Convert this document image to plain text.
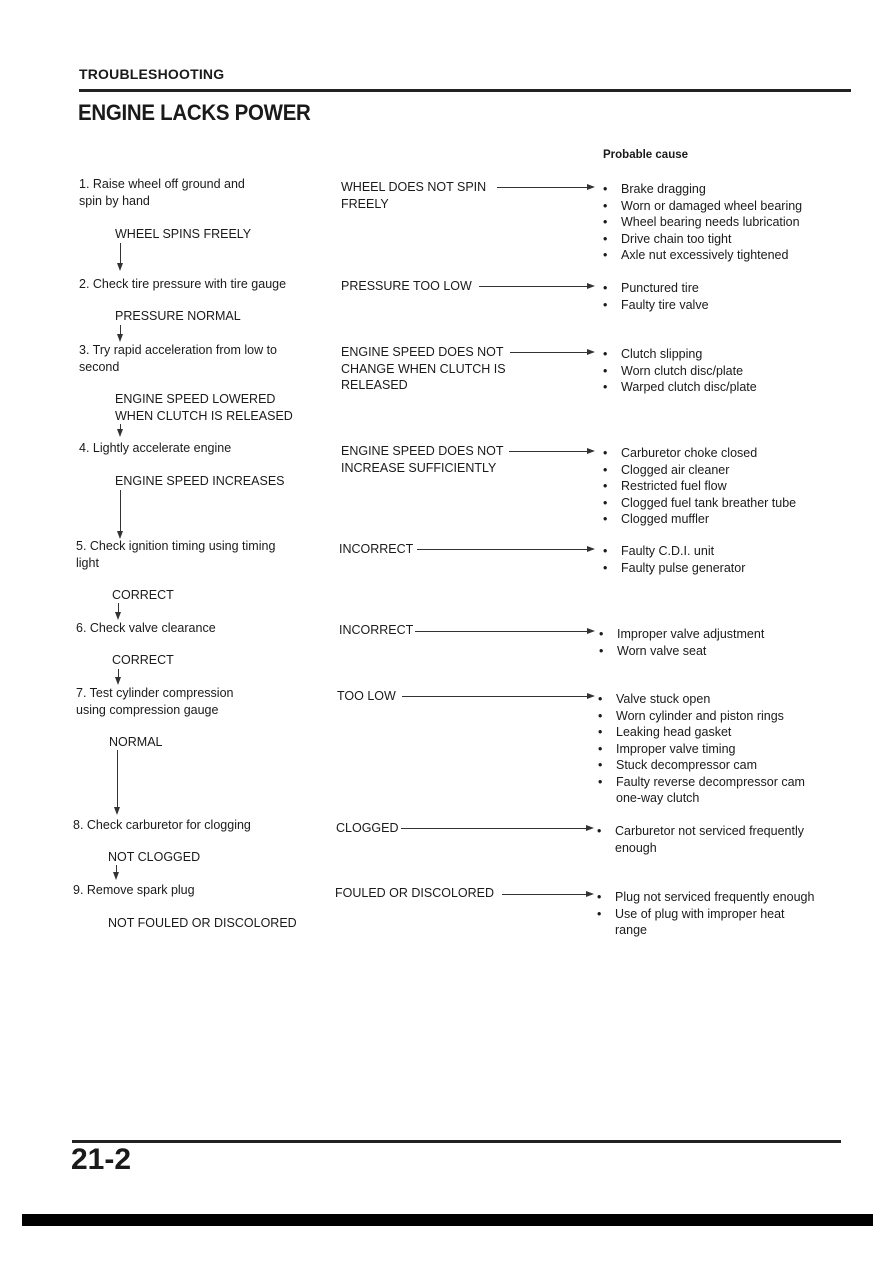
TROUBLESHOOTING
ENGINE LACKS POWER
Probable cause
1. Raise wheel off ground and
spin by hand
WHEEL DOES NOT SPIN
FREELY
• Brake dragging
• Worn or damaged wheel bearing
• Wheel bearing needs lubrication
• Drive chain too tight
• Axle nut excessively tightened
WHEEL SPINS FREELY
2. Check tire pressure with tire gauge	PRESSURE TOO LOW	• Punctured tire
• Faulty tire valve
PRESSURE NORMAL
3. Try rapid acceleration from low to
second
ENGINE SPEED DOES NOT
CHANGE WHEN CLUTCH IS
RELEASED
• Clutch slipping
• Worn clutch disc/plate
• Warped clutch disc/plate
ENGINE SPEED LOWERED
WHEN CLUTCH IS RELEASED
4. Lightly accelerate engine	ENGINE SPEED DOES NOT
INCREASE SUFFICIENTLY
• Carburetor choke closed
• Clogged air cleaner
• Restricted fuel flow
• Clogged fuel tank breather tube
• Clogged muffler
ENGINE SPEED INCREASES
5. Check ignition timing using timing
light
INCORRECT	• Faulty C.D.I. unit
• Faulty pulse generator
CORRECT
6. Check valve clearance	INCORRECT	• Improper valve adjustment
• Worn valve seat
CORRECT
7. Test cylinder compression
using compression gauge
TOO LOW	• Valve stuck open
• Worn cylinder and piston rings
• Leaking head gasket
• Improper valve timing
• Stuck decompressor cam
• Faulty reverse decompressor cam
one-way clutch
NORMAL
8. Check carburetor for clogging	CLOGGED	• Carburetor not serviced frequently
enough
NOT CLOGGED
9. Remove spark plug	FOULED OR DISCOLORED	• Plug not serviced frequently enough
• Use of plug with improper heat
range
NOT FOULED OR DISCOLORED
21-2
